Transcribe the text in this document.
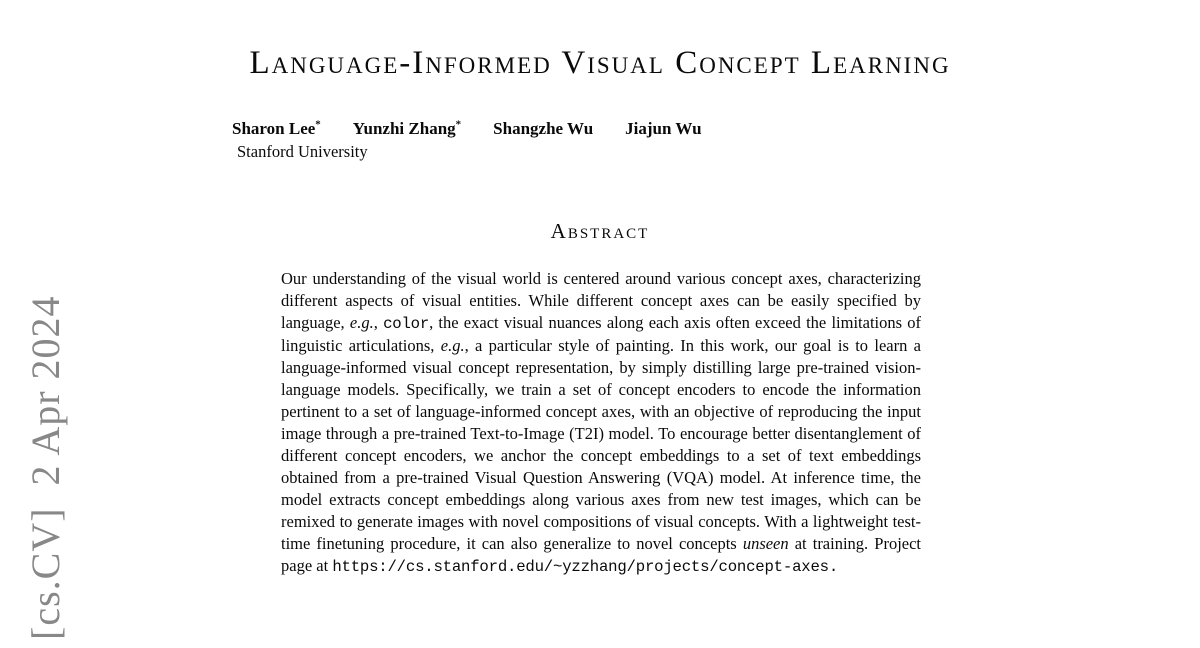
[cs.CV]  2 Apr 2024
Language-Informed Visual Concept Learning
Sharon Lee* Yunzhi Zhang* Shangzhe Wu Jiajun Wu
Stanford University
Abstract

Our understanding of the visual world is centered around various concept axes, characterizing different aspects of visual entities. While different concept axes can be easily specified by language, e.g., color, the exact visual nuances along each axis often exceed the limitations of linguistic articulations, e.g., a particular style of painting. In this work, our goal is to learn a language-informed visual concept representation, by simply distilling large pre-trained vision-language models. Specifically, we train a set of concept encoders to encode the information pertinent to a set of language-informed concept axes, with an objective of reproducing the input image through a pre-trained Text-to-Image (T2I) model. To encourage better disentanglement of different concept encoders, we anchor the concept embeddings to a set of text embeddings obtained from a pre-trained Visual Question Answering (VQA) model. At inference time, the model extracts concept embeddings along various axes from new test images, which can be remixed to generate images with novel compositions of visual concepts. With a lightweight test-time finetuning procedure, it can also generalize to novel concepts unseen at training. Project page at https://cs.stanford.edu/~yzzhang/projects/concept-axes.
